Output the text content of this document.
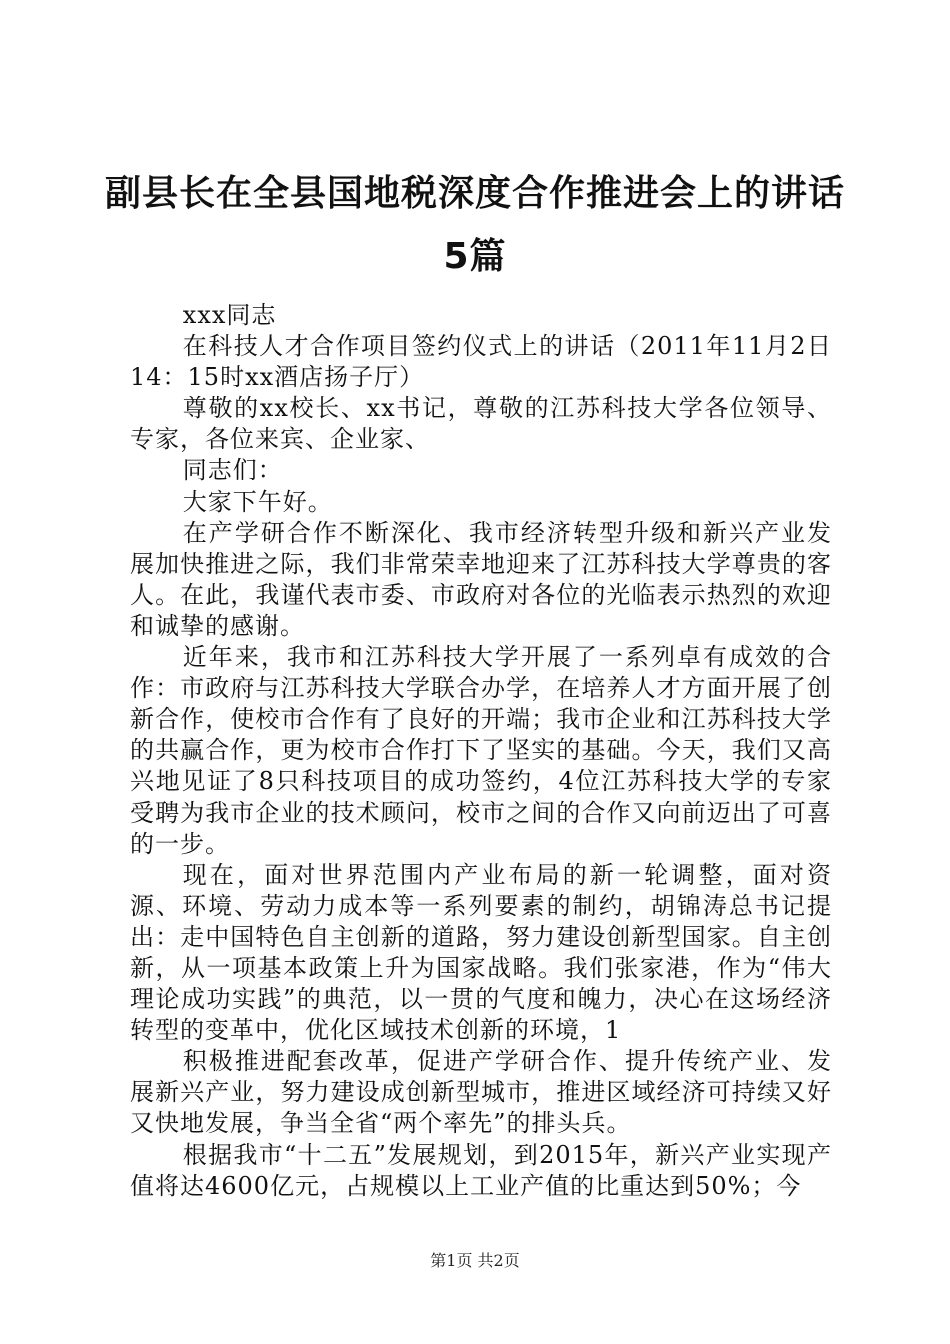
副县长在全县国地税深度合作推进会上的讲话
5篇

xxx同志

在科技人才合作项目签约仪式上的讲话（2011年11月2日14：15时xx酒店扬子厅）

尊敬的xx校长、xx书记，尊敬的江苏科技大学各位领导、专家，各位来宾、企业家、

同志们：

大家下午好。

在产学研合作不断深化、我市经济转型升级和新兴产业发展加快推进之际，我们非常荣幸地迎来了江苏科技大学尊贵的客人。在此，我谨代表市委、市政府对各位的光临表示热烈的欢迎和诚挚的感谢。

近年来，我市和江苏科技大学开展了一系列卓有成效的合作：市政府与江苏科技大学联合办学，在培养人才方面开展了创新合作，使校市合作有了良好的开端；我市企业和江苏科技大学的共赢合作，更为校市合作打下了坚实的基础。今天，我们又高兴地见证了8只科技项目的成功签约，4位江苏科技大学的专家受聘为我市企业的技术顾问，校市之间的合作又向前迈出了可喜的一步。

现在，面对世界范围内产业布局的新一轮调整，面对资源、环境、劳动力成本等一系列要素的制约，胡锦涛总书记提出：走中国特色自主创新的道路，努力建设创新型国家。自主创新，从一项基本政策上升为国家战略。我们张家港，作为“伟大理论成功实践”的典范，以一贯的气度和魄力，决心在这场经济转型的变革中，优化区域技术创新的环境，1

积极推进配套改革，促进产学研合作、提升传统产业、发展新兴产业，努力建设成创新型城市，推进区域经济可持续又好又快地发展，争当全省“两个率先”的排头兵。

根据我市“十二五”发展规划，到2015年，新兴产业实现产值将达4600亿元，占规模以上工业产值的比重达到50%；今

第1页 共2页
